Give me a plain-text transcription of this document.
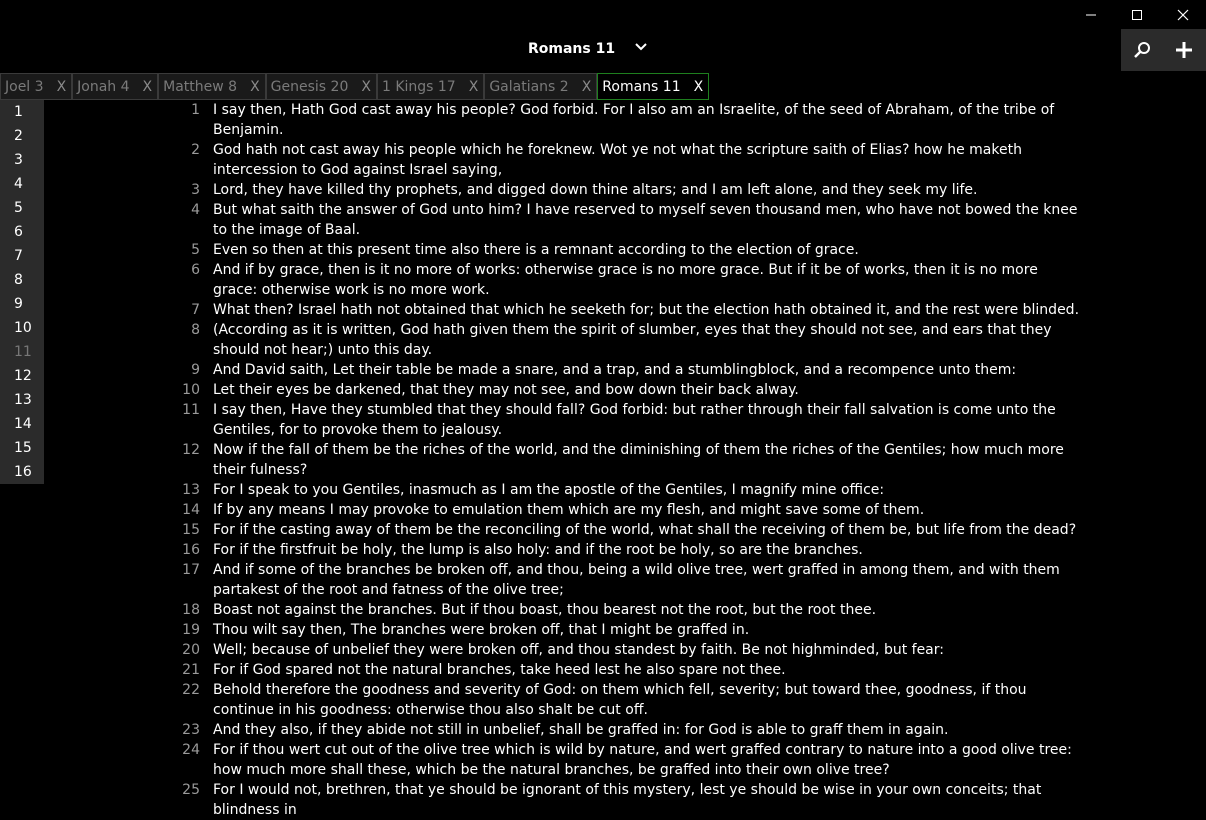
Romans 11
Joel 3 X Jonah 4 X Matthew 8 X Genesis 20 X 1 Kings 17 X Galatians 2 X Romans 11 X
1 I say then, Hath God cast away his people? God forbid. For I also am an Israelite, of the seed of Abraham, of the tribe of Benjamin.
2 God hath not cast away his people which he foreknew. Wot ye not what the scripture saith of Elias? how he maketh intercession to God against Israel saying,
3 Lord, they have killed thy prophets, and digged down thine altars; and I am left alone, and they seek my life.
4 But what saith the answer of God unto him? I have reserved to myself seven thousand men, who have not bowed the knee to the image of Baal.
5 Even so then at this present time also there is a remnant according to the election of grace.
6 And if by grace, then is it no more of works: otherwise grace is no more grace. But if it be of works, then it is no more grace: otherwise work is no more work.
7 What then? Israel hath not obtained that which he seeketh for; but the election hath obtained it, and the rest were blinded.
8 (According as it is written, God hath given them the spirit of slumber, eyes that they should not see, and ears that they should not hear;) unto this day.
9 And David saith, Let their table be made a snare, and a trap, and a stumblingblock, and a recompence unto them:
10 Let their eyes be darkened, that they may not see, and bow down their back alway.
11 I say then, Have they stumbled that they should fall? God forbid: but rather through their fall salvation is come unto the Gentiles, for to provoke them to jealousy.
12 Now if the fall of them be the riches of the world, and the diminishing of them the riches of the Gentiles; how much more their fulness?
13 For I speak to you Gentiles, inasmuch as I am the apostle of the Gentiles, I magnify mine office:
14 If by any means I may provoke to emulation them which are my flesh, and might save some of them.
15 For if the casting away of them be the reconciling of the world, what shall the receiving of them be, but life from the dead?
16 For if the firstfruit be holy, the lump is also holy: and if the root be holy, so are the branches.
17 And if some of the branches be broken off, and thou, being a wild olive tree, wert graffed in among them, and with them partakest of the root and fatness of the olive tree;
18 Boast not against the branches. But if thou boast, thou bearest not the root, but the root thee.
19 Thou wilt say then, The branches were broken off, that I might be graffed in.
20 Well; because of unbelief they were broken off, and thou standest by faith. Be not highminded, but fear:
21 For if God spared not the natural branches, take heed lest he also spare not thee.
22 Behold therefore the goodness and severity of God: on them which fell, severity; but toward thee, goodness, if thou continue in his goodness: otherwise thou also shalt be cut off.
23 And they also, if they abide not still in unbelief, shall be graffed in: for God is able to graff them in again.
24 For if thou wert cut out of the olive tree which is wild by nature, and wert graffed contrary to nature into a good olive tree: how much more shall these, which be the natural branches, be graffed into their own olive tree?
25 For I would not, brethren, that ye should be ignorant of this mystery, lest ye should be wise in your own conceits; that blindness in
1
2
3
4
5
6
7
8
9
10
11
12
13
14
15
16
